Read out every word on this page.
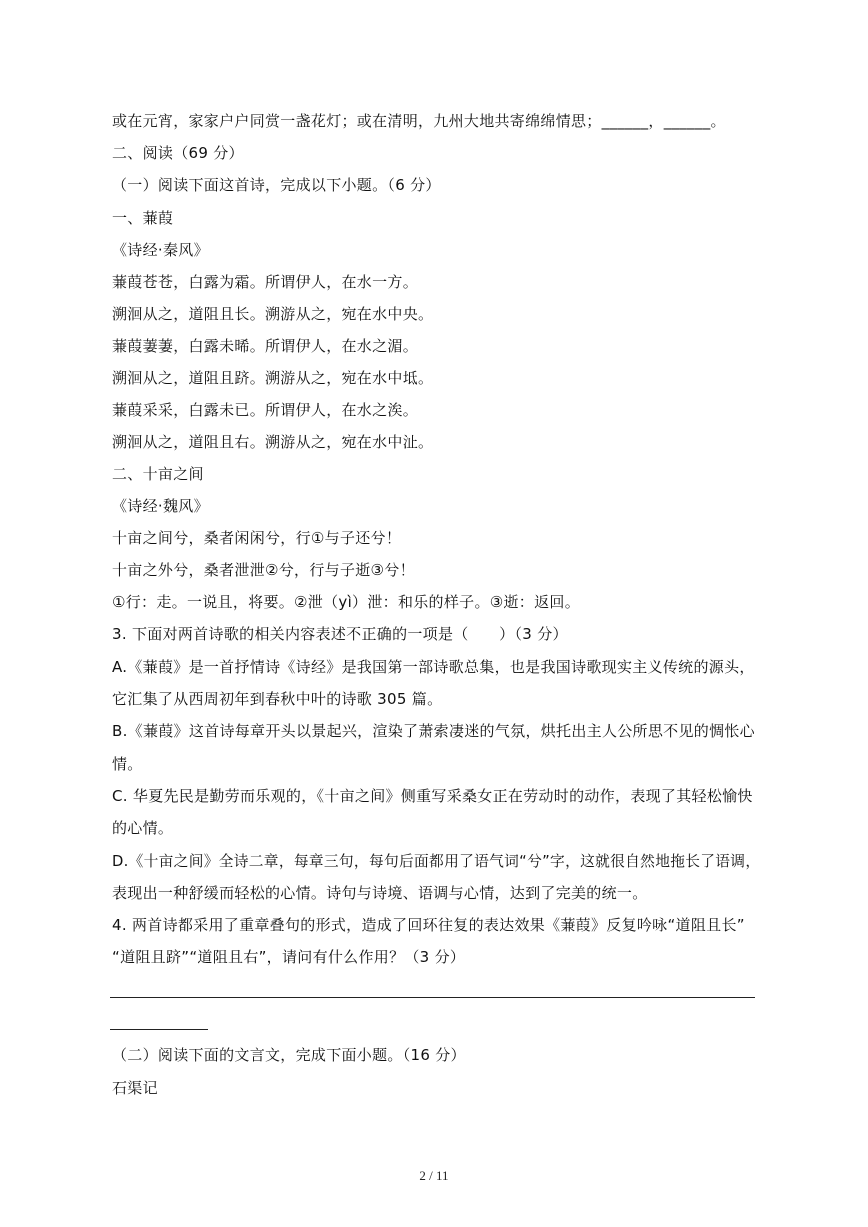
或在元宵，家家户户同赏一盏花灯；或在清明，九州大地共寄绵绵情思；______，______。
二、阅读（69 分）
（一）阅读下面这首诗，完成以下小题。（6 分）
一、蒹葭
《诗经·秦风》
蒹葭苍苍，白露为霜。所谓伊人，在水一方。
溯洄从之，道阻且长。溯游从之，宛在水中央。
蒹葭萋萋，白露未晞。所谓伊人，在水之湄。
溯洄从之，道阻且跻。溯游从之，宛在水中坻。
蒹葭采采，白露未已。所谓伊人，在水之涘。
溯洄从之，道阻且右。溯游从之，宛在水中沚。
二、十亩之间
《诗经·魏风》
十亩之间兮，桑者闲闲兮，行①与子还兮！
十亩之外兮，桑者泄泄②兮，行与子逝③兮！
①行：走。一说且，将要。②泄（yì）泄：和乐的样子。③逝：返回。
3. 下面对两首诗歌的相关内容表述不正确的一项是（　　）（3 分）
A.《蒹葭》是一首抒情诗《诗经》是我国第一部诗歌总集，也是我国诗歌现实主义传统的源头，
它汇集了从西周初年到春秋中叶的诗歌 305 篇。
B.《蒹葭》这首诗每章开头以景起兴，渲染了萧索凄迷的气氛，烘托出主人公所思不见的惆怅心
情。
C. 华夏先民是勤劳而乐观的，《十亩之间》侧重写采桑女正在劳动时的动作，表现了其轻松愉快
的心情。
D.《十亩之间》全诗二章，每章三句，每句后面都用了语气词“兮”字，这就很自然地拖长了语调，
表现出一种舒缓而轻松的心情。诗句与诗境、语调与心情，达到了完美的统一。
4. 两首诗都采用了重章叠句的形式，造成了回环往复的表达效果《蒹葭》反复吟咏“道阻且长”
“道阻且跻”“道阻且右”，请问有什么作用？（3 分）
（二）阅读下面的文言文，完成下面小题。（16 分）
石渠记
2 / 11
